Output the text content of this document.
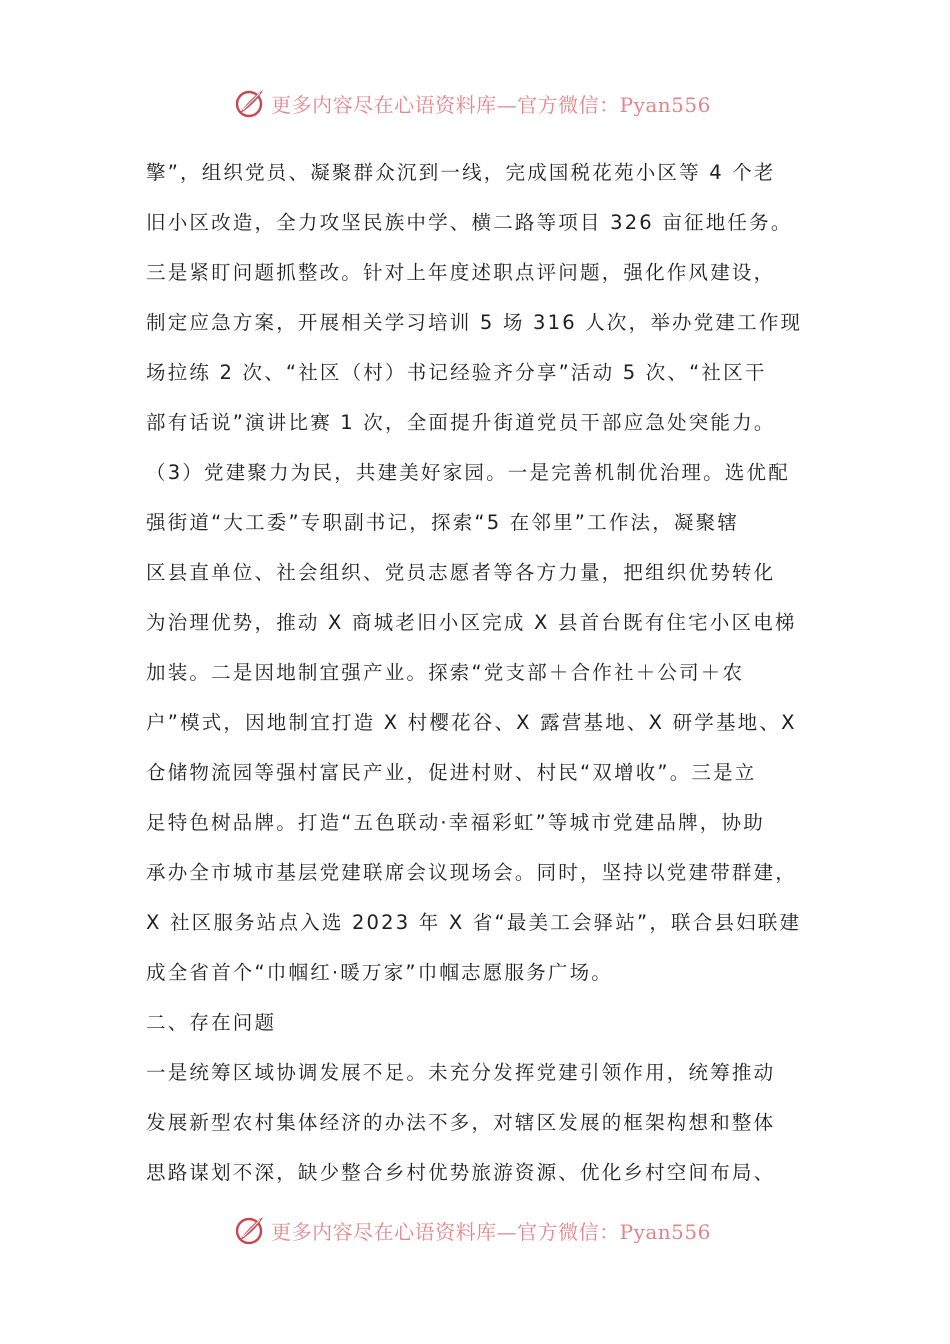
更多内容尽在心语资料库—官方微信：Pyan556
擎”，组织党员、凝聚群众沉到一线，完成国税花苑小区等 4 个老
旧小区改造，全力攻坚民族中学、横二路等项目 326 亩征地任务。
三是紧盯问题抓整改。针对上年度述职点评问题，强化作风建设，
制定应急方案，开展相关学习培训 5 场 316 人次，举办党建工作现
场拉练 2 次、“社区（村）书记经验齐分享”活动 5 次、“社区干
部有话说”演讲比赛 1 次，全面提升街道党员干部应急处突能力。
（3）党建聚力为民，共建美好家园。一是完善机制优治理。选优配
强街道“大工委”专职副书记，探索“5 在邻里”工作法，凝聚辖
区县直单位、社会组织、党员志愿者等各方力量，把组织优势转化
为治理优势，推动 X 商城老旧小区完成 X 县首台既有住宅小区电梯
加装。二是因地制宜强产业。探索“党支部＋合作社＋公司＋农
户”模式，因地制宜打造 X 村樱花谷、X 露营基地、X 研学基地、X
仓储物流园等强村富民产业，促进村财、村民“双增收”。三是立
足特色树品牌。打造“五色联动·幸福彩虹”等城市党建品牌，协助
承办全市城市基层党建联席会议现场会。同时，坚持以党建带群建，
X 社区服务站点入选 2023 年 X 省“最美工会驿站”，联合县妇联建
成全省首个“巾帼红·暖万家”巾帼志愿服务广场。
二、存在问题
一是统筹区域协调发展不足。未充分发挥党建引领作用，统筹推动
发展新型农村集体经济的办法不多，对辖区发展的框架构想和整体
思路谋划不深，缺少整合乡村优势旅游资源、优化乡村空间布局、
更多内容尽在心语资料库—官方微信：Pyan556
